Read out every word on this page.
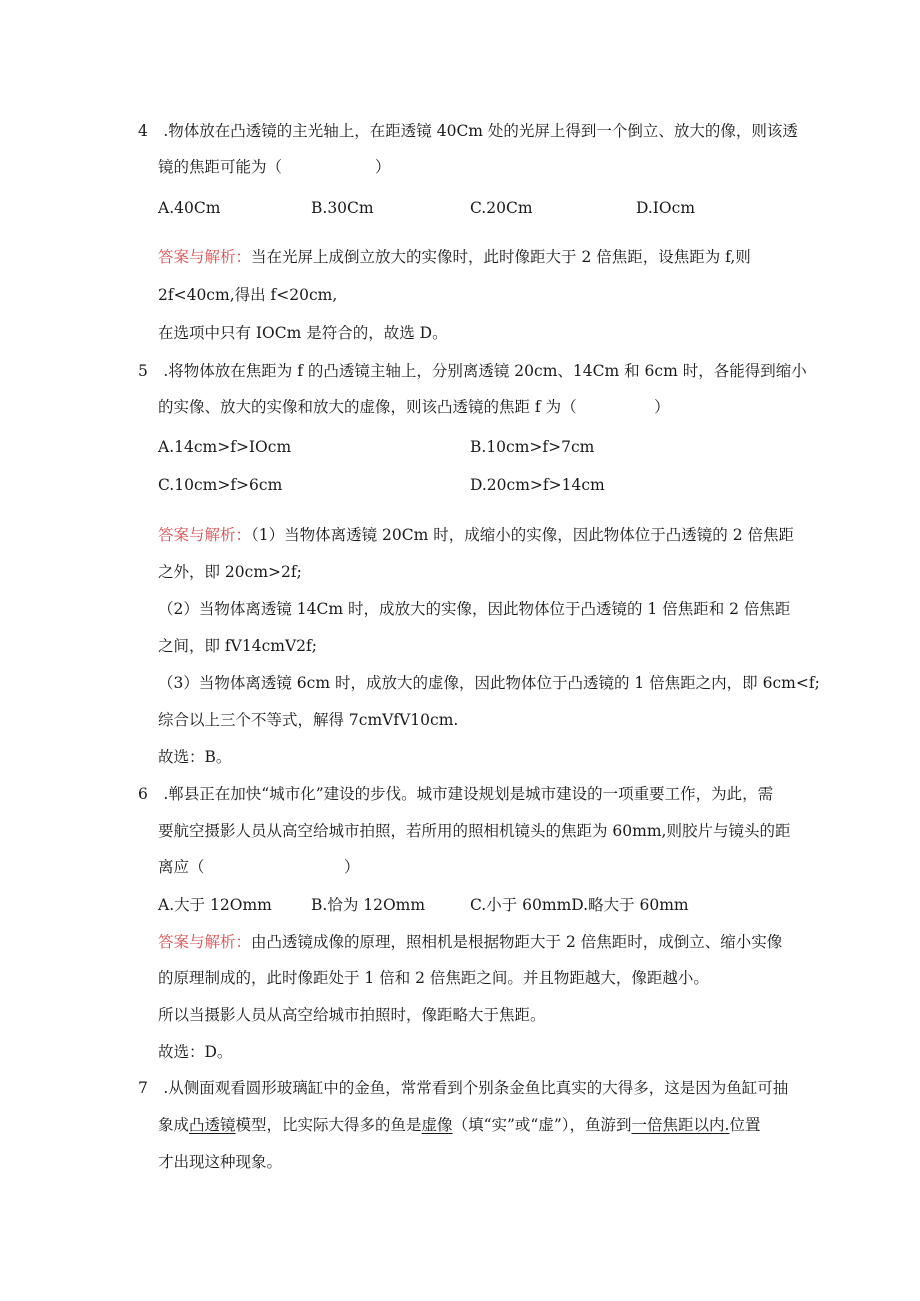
4　.物体放在凸透镜的主光轴上，在距透镜 40Cm 处的光屏上得到一个倒立、放大的像，则该透
镜的焦距可能为（　　　　　　）
A.40Cm	B.30Cm	C.20Cm	D.IOcm
答案与解析：当在光屏上成倒立放大的实像时，此时像距大于 2 倍焦距，设焦距为 f,则
2f<40cm,得出 f<20cm,
在选项中只有 IOCm 是符合的，故选 D。
5　.将物体放在焦距为 f 的凸透镜主轴上，分别离透镜 20cm、14Cm 和 6cm 时，各能得到缩小
的实像、放大的实像和放大的虚像，则该凸透镜的焦距 f 为（　　　　　）
A.14cm>f>IOcm	B.10cm>f>7cm
C.10cm>f>6cm	D.20cm>f>14cm
答案与解析：（1）当物体离透镜 20Cm 时，成缩小的实像，因此物体位于凸透镜的 2 倍焦距
之外，即 20cm>2f;
（2）当物体离透镜 14Cm 时，成放大的实像，因此物体位于凸透镜的 1 倍焦距和 2 倍焦距
之间，即 fV14cmV2f;
（3）当物体离透镜 6cm 时，成放大的虚像，因此物体位于凸透镜的 1 倍焦距之内，即 6cm<f;
综合以上三个不等式，解得 7cmVfV10cm.
故选：B。
6　.郸县正在加快“城市化”建设的步伐。城市建设规划是城市建设的一项重要工作，为此，需
要航空摄影人员从高空给城市拍照，若所用的照相机镜头的焦距为 60mm,则胶片与镜头的距
离应（　　　　　　　　　）
A.大于 12Omm	B.恰为 12Omm	C.小于 60mmD.略大于 60mm
答案与解析：由凸透镜成像的原理，照相机是根据物距大于 2 倍焦距时，成倒立、缩小实像
的原理制成的，此时像距处于 1 倍和 2 倍焦距之间。并且物距越大，像距越小。
所以当摄影人员从高空给城市拍照时，像距略大于焦距。
故选：D。
7　.从侧面观看圆形玻璃缸中的金鱼，常常看到个别条金鱼比真实的大得多，这是因为鱼缸可抽
象成凸透镜模型，比实际大得多的鱼是虚像（填“实”或“虚”），鱼游到一倍焦距以内.位置
才出现这种现象。
